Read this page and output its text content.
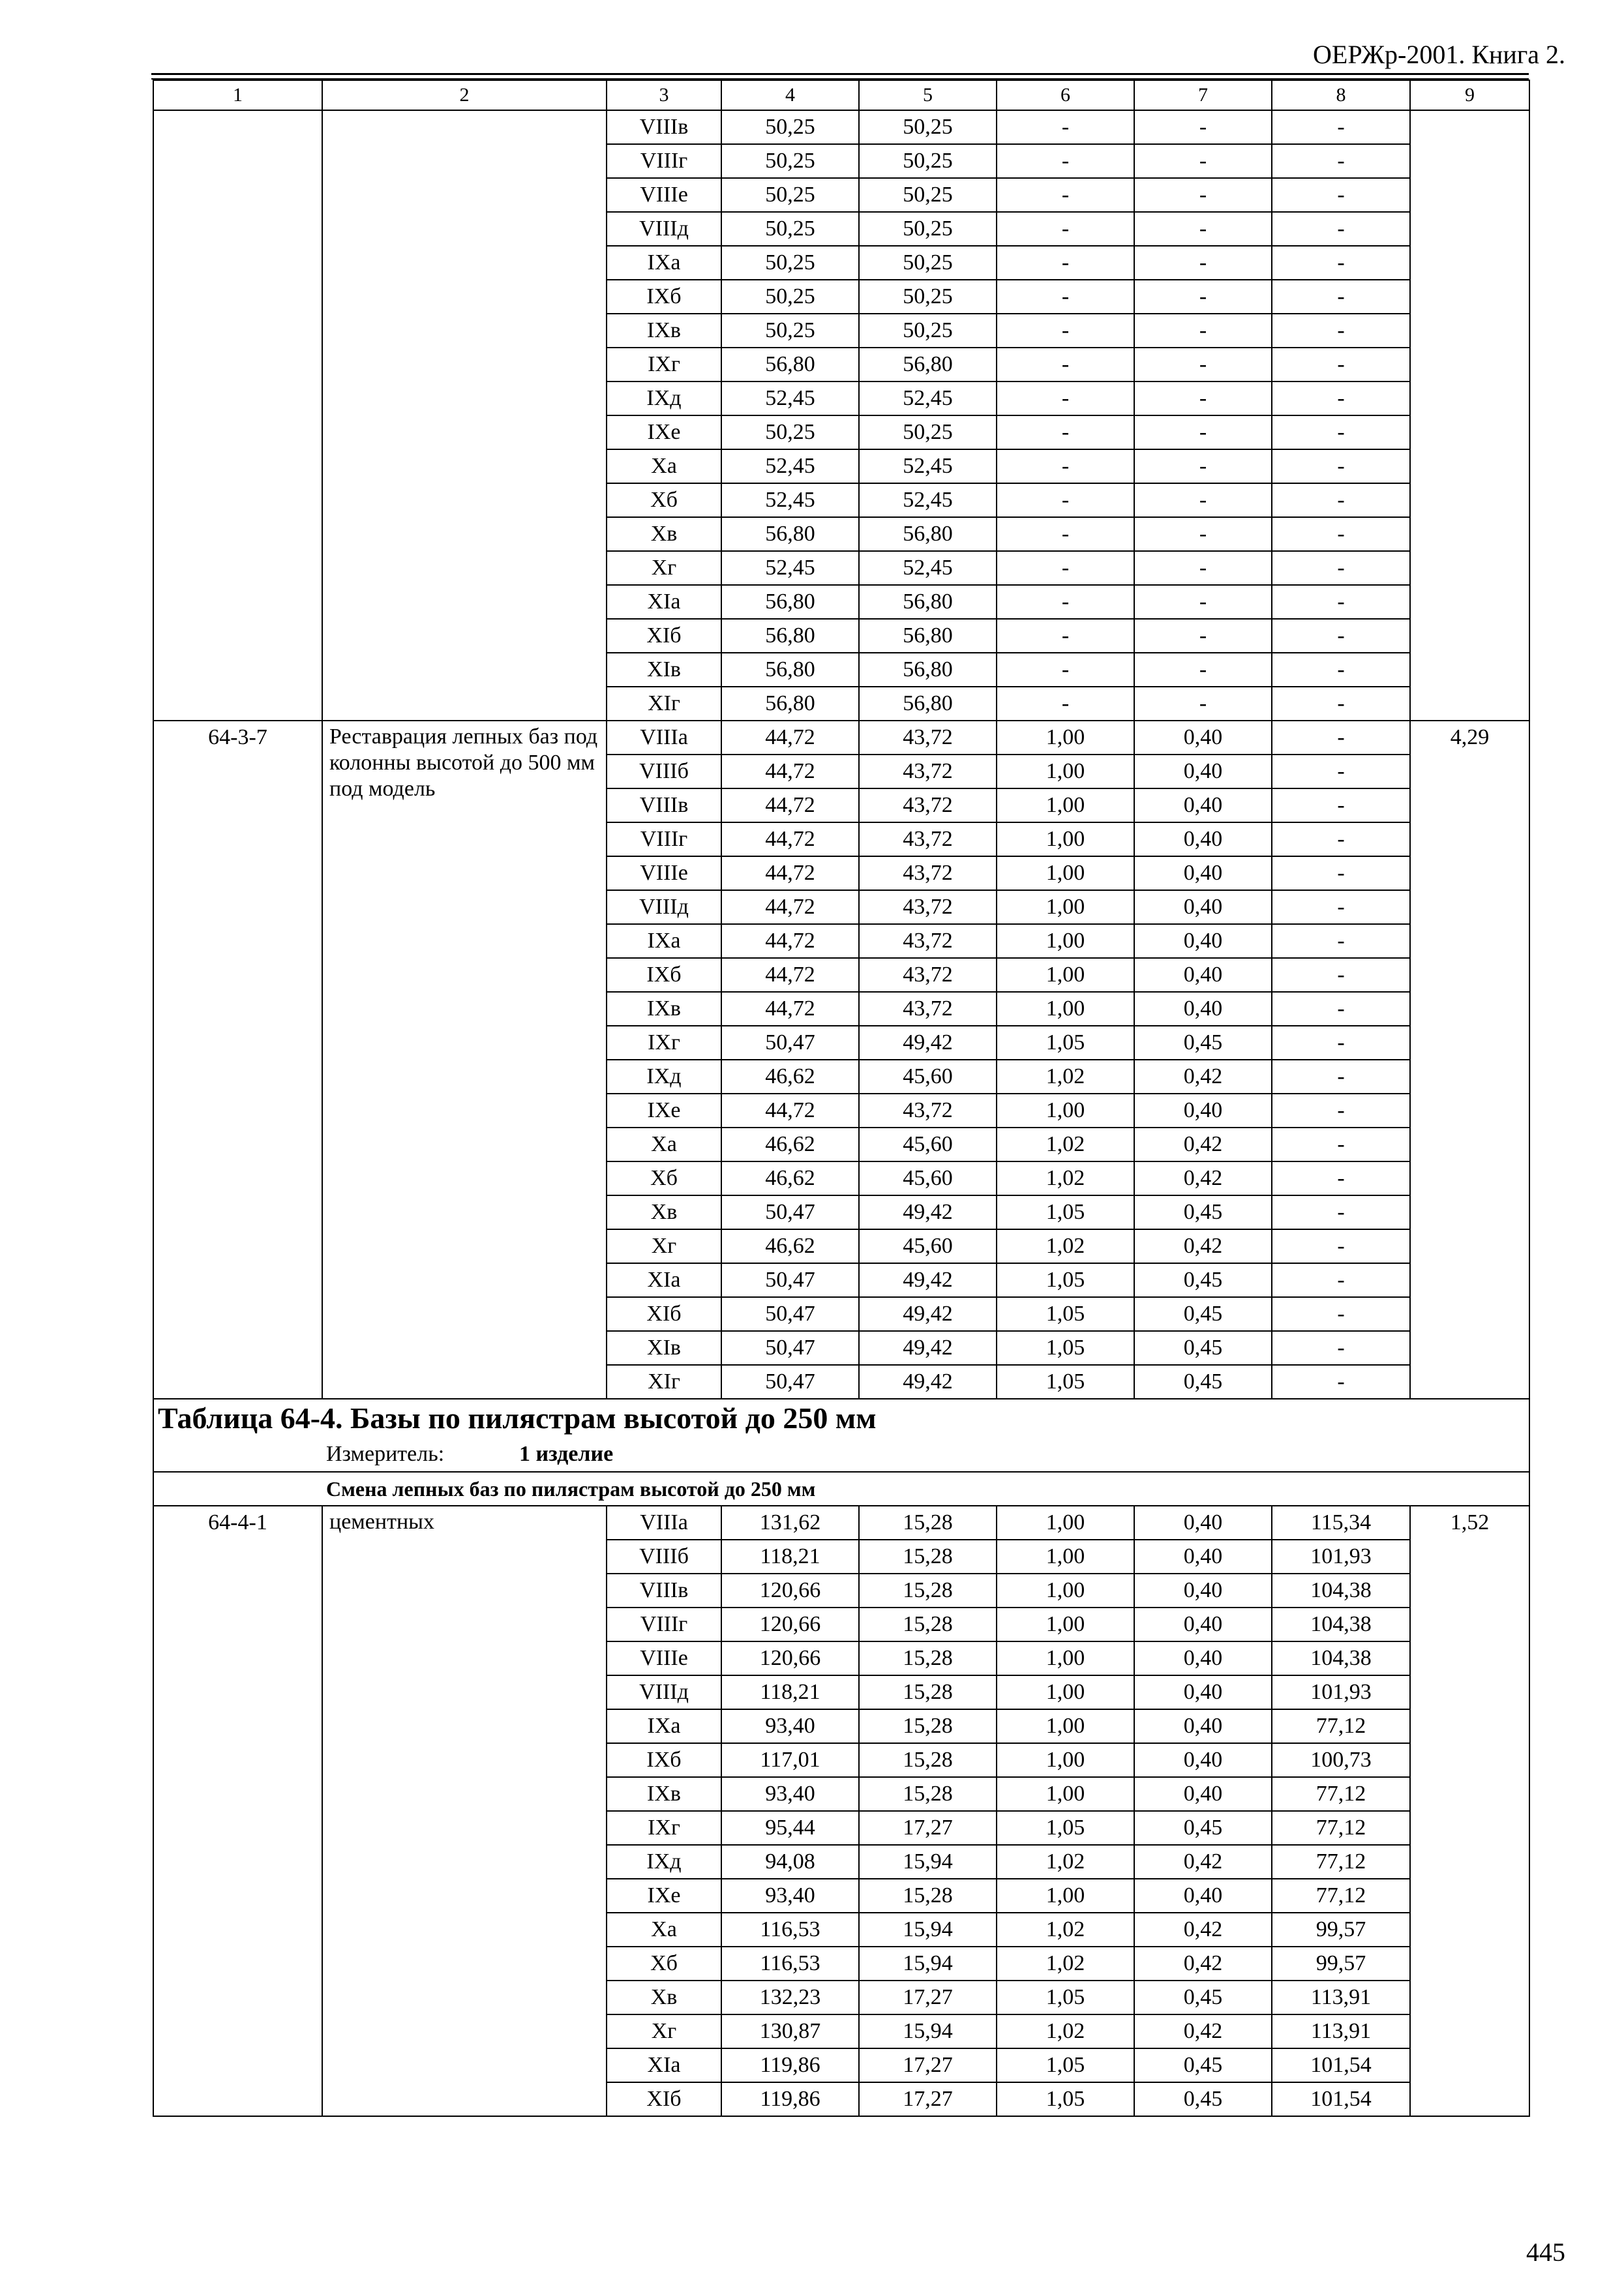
ОЕРЖр-2001. Книга 2.
1	2	3	4	5	6	7	8	9
		VIIIв	50,25	50,25	-	-	-	
		VIIIг	50,25	50,25	-	-	-	
		VIIIе	50,25	50,25	-	-	-	
		VIIIд	50,25	50,25	-	-	-	
		IXа	50,25	50,25	-	-	-	
		IXб	50,25	50,25	-	-	-	
		IXв	50,25	50,25	-	-	-	
		IXг	56,80	56,80	-	-	-	
		IXд	52,45	52,45	-	-	-	
		IXе	50,25	50,25	-	-	-	
		Xа	52,45	52,45	-	-	-	
		Xб	52,45	52,45	-	-	-	
		Xв	56,80	56,80	-	-	-	
		Xг	52,45	52,45	-	-	-	
		XIа	56,80	56,80	-	-	-	
		XIб	56,80	56,80	-	-	-	
		XIв	56,80	56,80	-	-	-	
		XIг	56,80	56,80	-	-	-	
64-3-7	Реставрация лепных баз под колонны высотой до 500 мм под модель	VIIIа	44,72	43,72	1,00	0,40	-	4,29
		VIIIб	44,72	43,72	1,00	0,40	-	
		VIIIв	44,72	43,72	1,00	0,40	-	
		VIIIг	44,72	43,72	1,00	0,40	-	
		VIIIе	44,72	43,72	1,00	0,40	-	
		VIIIд	44,72	43,72	1,00	0,40	-	
		IXа	44,72	43,72	1,00	0,40	-	
		IXб	44,72	43,72	1,00	0,40	-	
		IXв	44,72	43,72	1,00	0,40	-	
		IXг	50,47	49,42	1,05	0,45	-	
		IXд	46,62	45,60	1,02	0,42	-	
		IXе	44,72	43,72	1,00	0,40	-	
		Xа	46,62	45,60	1,02	0,42	-	
		Xб	46,62	45,60	1,02	0,42	-	
		Xв	50,47	49,42	1,05	0,45	-	
		Xг	46,62	45,60	1,02	0,42	-	
		XIа	50,47	49,42	1,05	0,45	-	
		XIб	50,47	49,42	1,05	0,45	-	
		XIв	50,47	49,42	1,05	0,45	-	
		XIг	50,47	49,42	1,05	0,45	-	
Таблица 64-4. Базы по пилястрам высотой до 250 мм								
Измеритель: 1 изделие								
Смена лепных баз по пилястрам высотой до 250 мм								
64-4-1	цементных	VIIIа	131,62	15,28	1,00	0,40	115,34	1,52
		VIIIб	118,21	15,28	1,00	0,40	101,93	
		VIIIв	120,66	15,28	1,00	0,40	104,38	
		VIIIг	120,66	15,28	1,00	0,40	104,38	
		VIIIе	120,66	15,28	1,00	0,40	104,38	
		VIIIд	118,21	15,28	1,00	0,40	101,93	
		IXа	93,40	15,28	1,00	0,40	77,12	
		IXб	117,01	15,28	1,00	0,40	100,73	
		IXв	93,40	15,28	1,00	0,40	77,12	
		IXг	95,44	17,27	1,05	0,45	77,12	
		IXд	94,08	15,94	1,02	0,42	77,12	
		IXе	93,40	15,28	1,00	0,40	77,12	
		Xа	116,53	15,94	1,02	0,42	99,57	
		Xб	116,53	15,94	1,02	0,42	99,57	
		Xв	132,23	17,27	1,05	0,45	113,91	
		Xг	130,87	15,94	1,02	0,42	113,91	
		XIа	119,86	17,27	1,05	0,45	101,54	
		XIб	119,86	17,27	1,05	0,45	101,54	
445
